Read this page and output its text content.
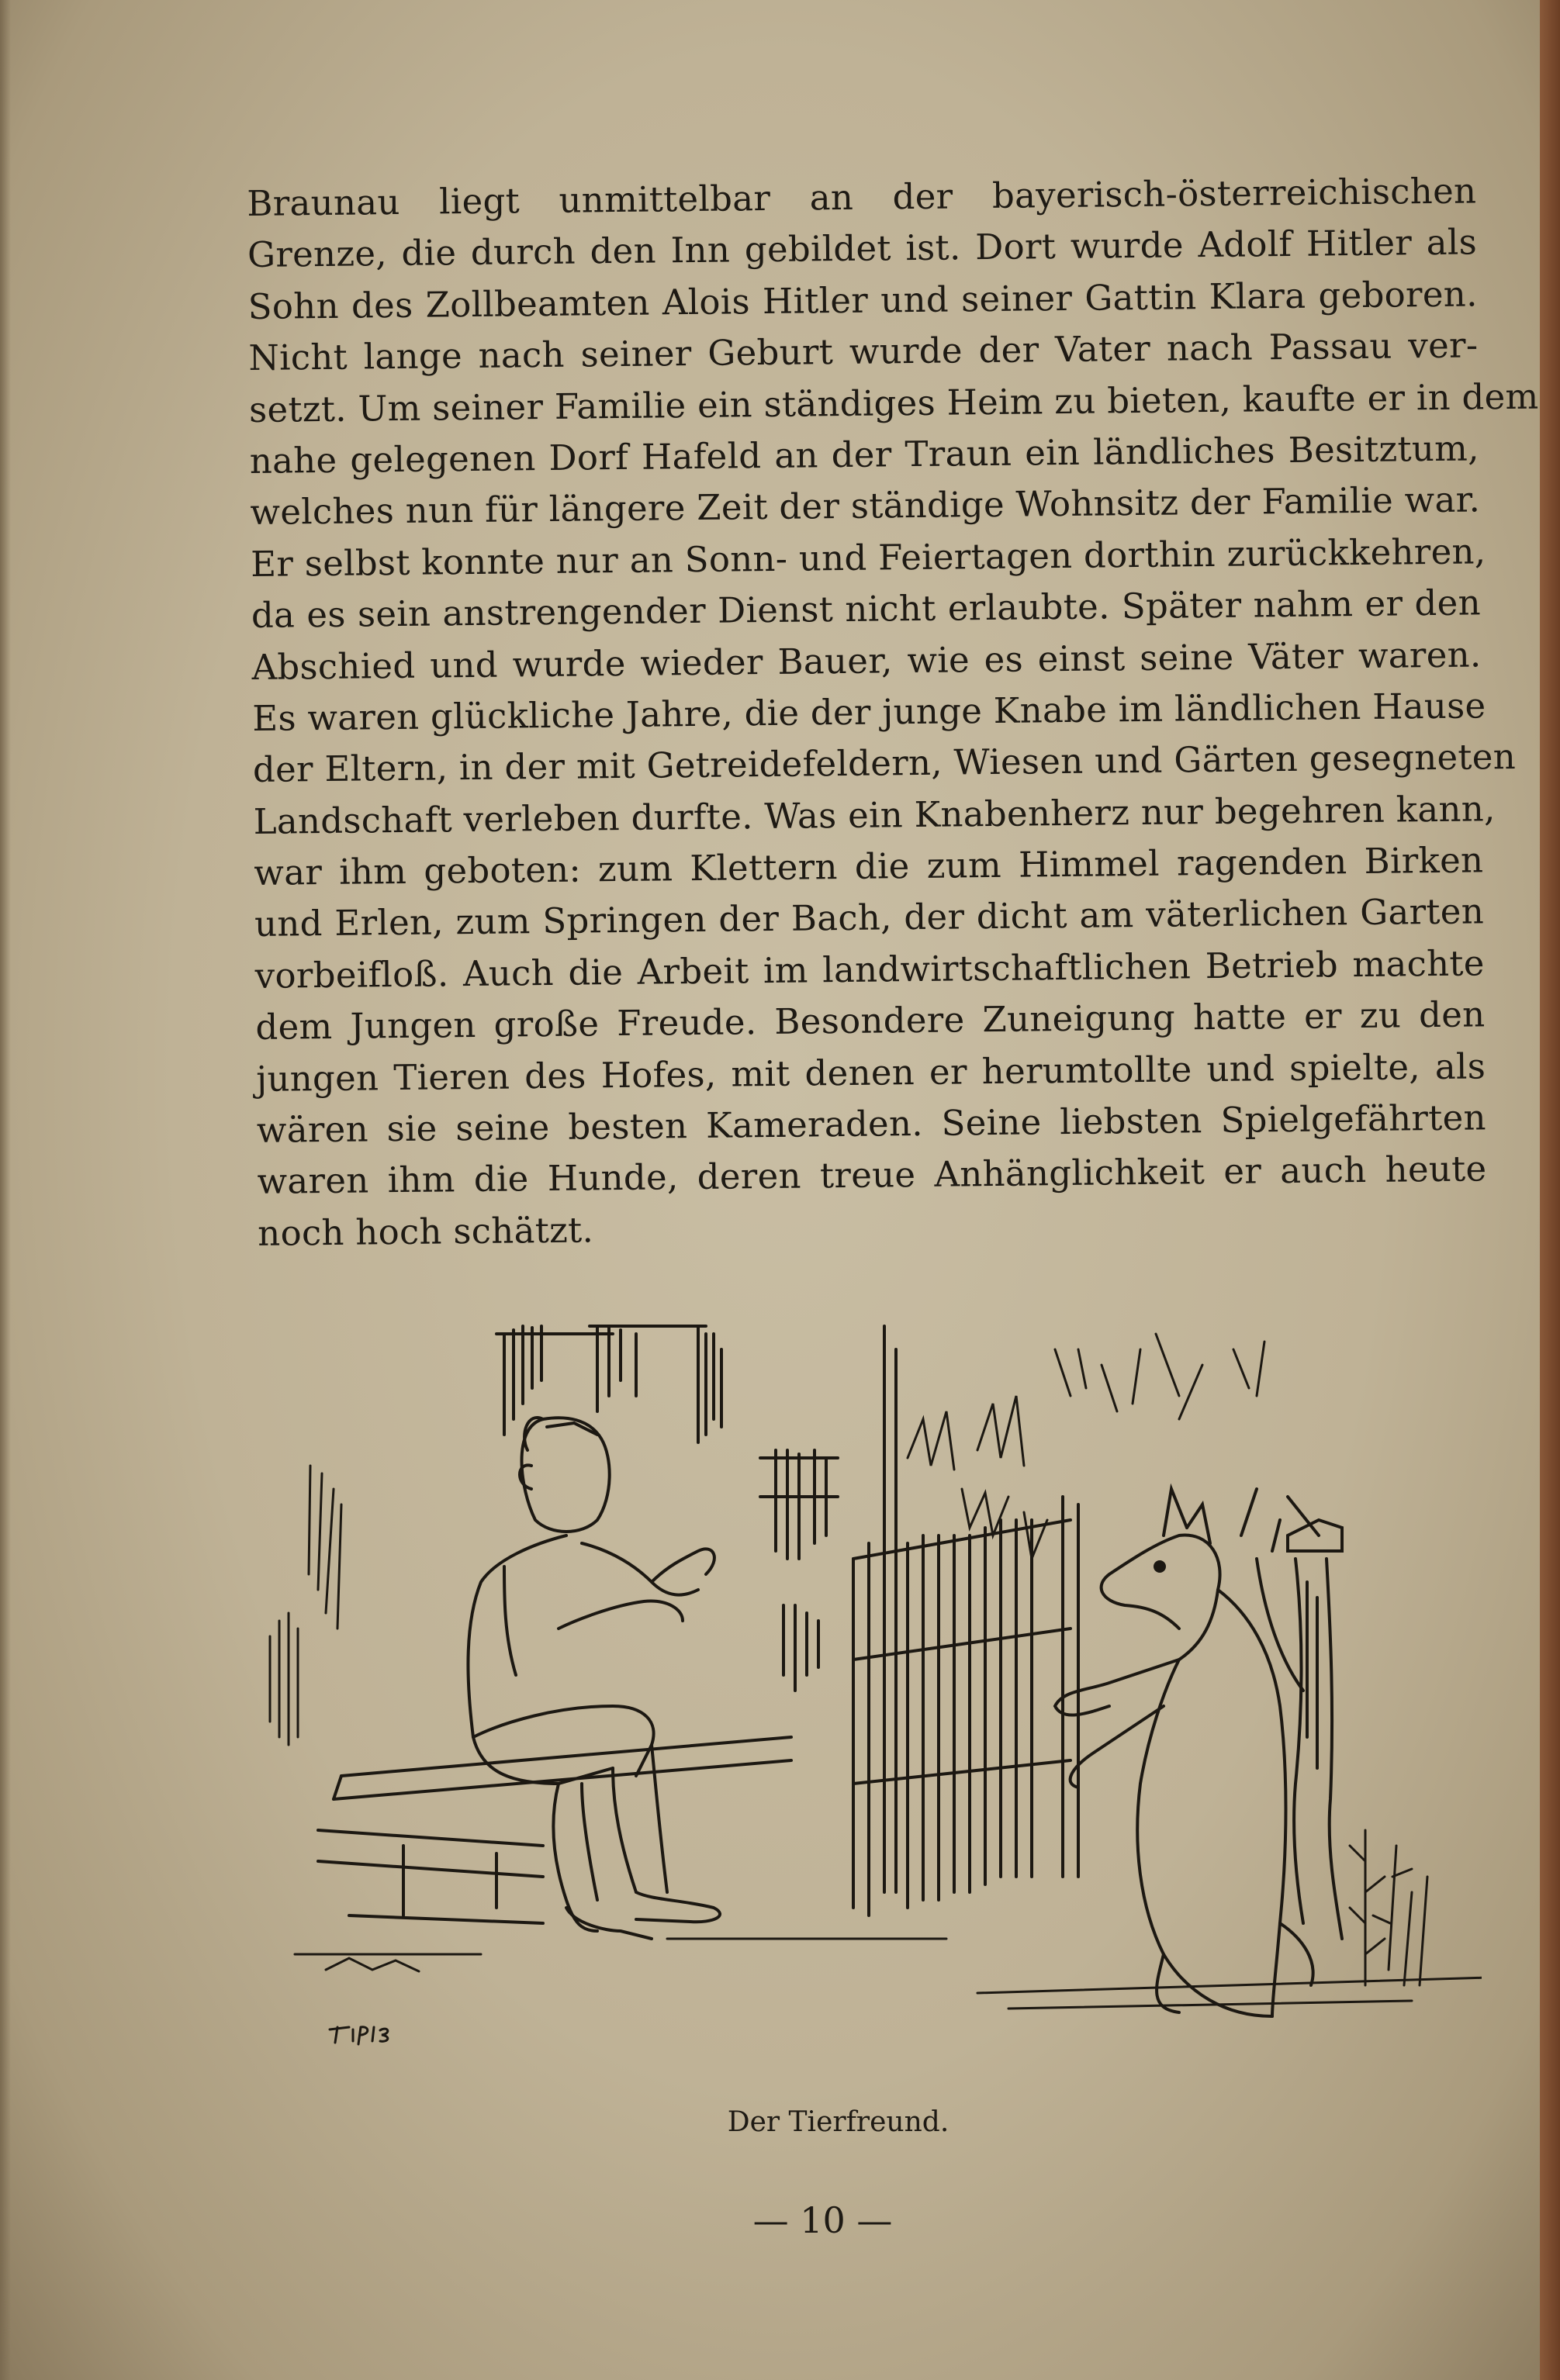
Braunau liegt unmittelbar an der bayerisch-österreichischen
Grenze, die durch den Inn gebildet ist. Dort wurde Adolf Hitler als
Sohn des Zollbeamten Alois Hitler und seiner Gattin Klara geboren.
Nicht lange nach seiner Geburt wurde der Vater nach Passau ver-
setzt. Um seiner Familie ein ständiges Heim zu bieten, kaufte er in dem
nahe gelegenen Dorf Hafeld an der Traun ein ländliches Besitztum,
welches nun für längere Zeit der ständige Wohnsitz der Familie war.
Er selbst konnte nur an Sonn- und Feiertagen dorthin zurückkehren,
da es sein anstrengender Dienst nicht erlaubte. Später nahm er den
Abschied und wurde wieder Bauer, wie es einst seine Väter waren.
Es waren glückliche Jahre, die der junge Knabe im ländlichen Hause
der Eltern, in der mit Getreidefeldern, Wiesen und Gärten gesegneten
Landschaft verleben durfte. Was ein Knabenherz nur begehren kann,
war ihm geboten: zum Klettern die zum Himmel ragenden Birken
und Erlen, zum Springen der Bach, der dicht am väterlichen Garten
vorbeifloß. Auch die Arbeit im landwirtschaftlichen Betrieb machte
dem Jungen große Freude. Besondere Zuneigung hatte er zu den
jungen Tieren des Hofes, mit denen er herumtollte und spielte, als
wären sie seine besten Kameraden. Seine liebsten Spielgefährten
waren ihm die Hunde, deren treue Anhänglichkeit er auch heute
noch hoch schätzt.
Der Tierfreund.
— 10 —
